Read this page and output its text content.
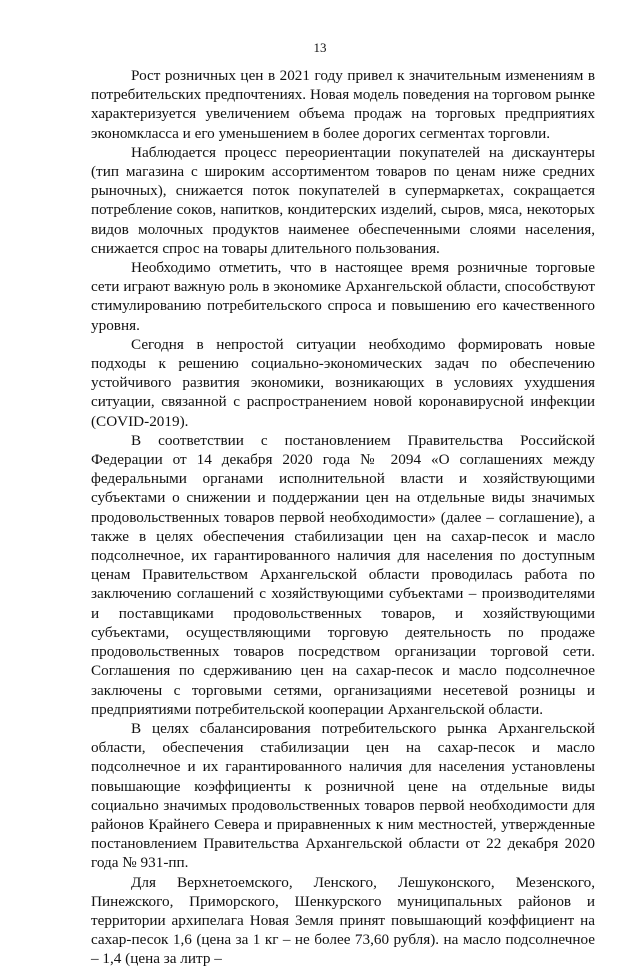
13

Рост розничных цен в 2021 году привел к значительным изменениям в потребительских предпочтениях. Новая модель поведения на торговом рынке характеризуется увеличением объема продаж на торговых предприятиях экономкласса и его уменьшением в более дорогих сегментах торговли.

Наблюдается процесс переориентации покупателей на дискаунтеры (тип магазина с широким ассортиментом товаров по ценам ниже средних рыночных), снижается поток покупателей в супермаркетах, сокращается потребление соков, напитков, кондитерских изделий, сыров, мяса, некоторых видов молочных продуктов наименее обеспеченными слоями населения, снижается спрос на товары длительного пользования.

Необходимо отметить, что в настоящее время розничные торговые сети играют важную роль в экономике Архангельской области, способствуют стимулированию потребительского спроса и повышению его качественного уровня.

Сегодня в непростой ситуации необходимо формировать новые подходы к решению социально-экономических задач по обеспечению устойчивого развития экономики, возникающих в условиях ухудшения ситуации, связанной с распространением новой коронавирусной инфекции (COVID-2019).

В соответствии с постановлением Правительства Российской Федерации от 14 декабря 2020 года № 2094 «О соглашениях между федеральными органами исполнительной власти и хозяйствующими субъектами о снижении и поддержании цен на отдельные виды значимых продовольственных товаров первой необходимости» (далее – соглашение), а также в целях обеспечения стабилизации цен на сахар-песок и масло подсолнечное, их гарантированного наличия для населения по доступным ценам Правительством Архангельской области проводилась работа по заключению соглашений с хозяйствующими субъектами – производителями и поставщиками продовольственных товаров, и хозяйствующими субъектами, осуществляющими торговую деятельность по продаже продовольственных товаров посредством организации торговой сети. Соглашения по сдерживанию цен на сахар-песок и масло подсолнечное заключены с торговыми сетями, организациями несетевой розницы и предприятиями потребительской кооперации Архангельской области.

В целях сбалансирования потребительского рынка Архангельской области, обеспечения стабилизации цен на сахар-песок и масло подсолнечное и их гарантированного наличия для населения установлены повышающие коэффициенты к розничной цене на отдельные виды социально значимых продовольственных товаров первой необходимости для районов Крайнего Севера и приравненных к ним местностей, утвержденные постановлением Правительства Архангельской области от 22 декабря 2020 года № 931-пп.

Для Верхнетоемского, Ленского, Лешуконского, Мезенского, Пинежского, Приморского, Шенкурского муниципальных районов и территории архипелага Новая Земля принят повышающий коэффициент на сахар-песок 1,6 (цена за 1 кг – не более 73,60 рубля). на масло подсолнечное – 1,4 (цена за литр –
